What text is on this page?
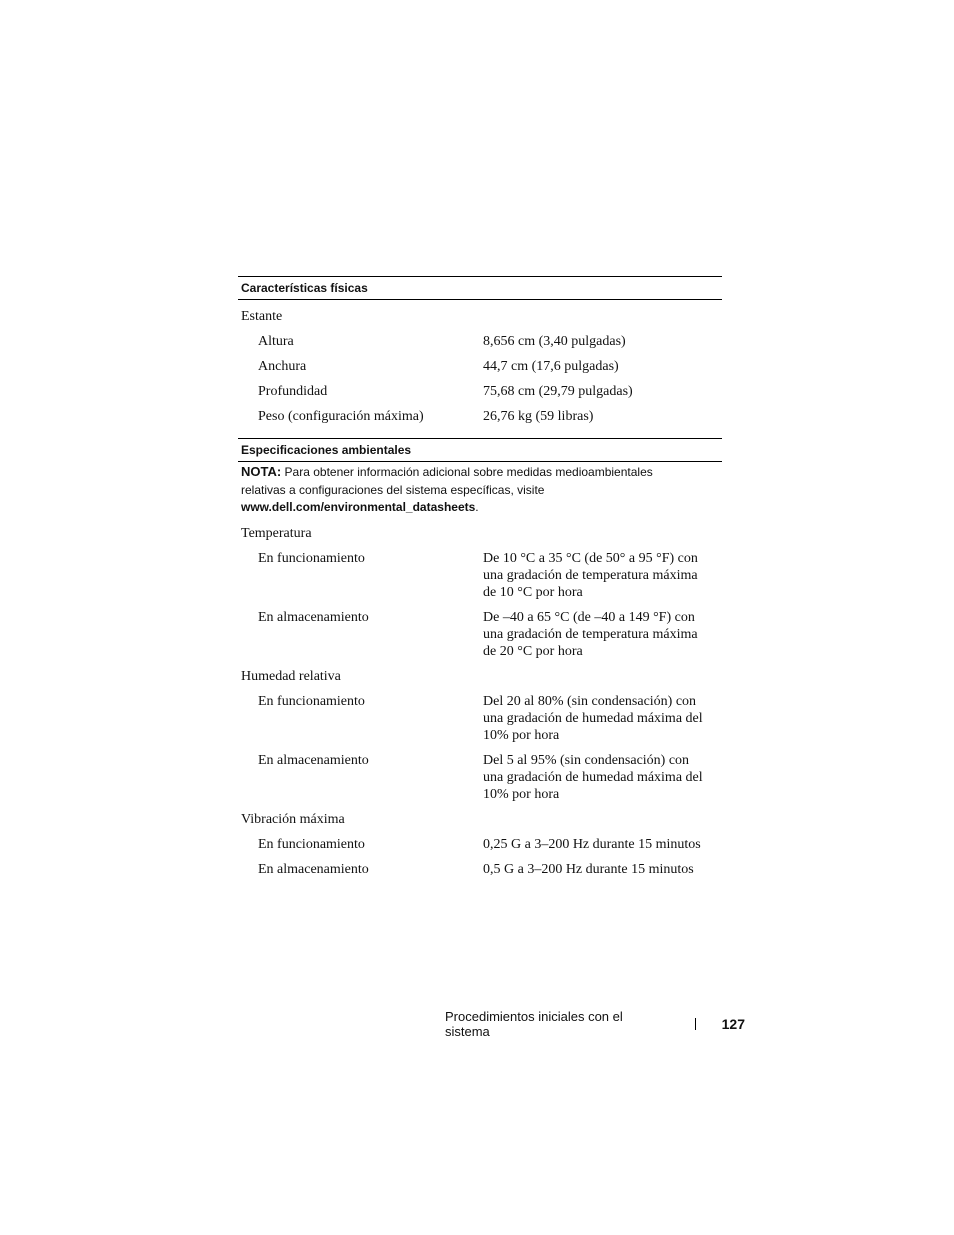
Características físicas
Estante
Altura	8,656 cm (3,40 pulgadas)
Anchura	44,7 cm (17,6 pulgadas)
Profundidad	75,68 cm (29,79 pulgadas)
Peso (configuración máxima)	26,76 kg (59 libras)
Especificaciones ambientales
NOTA: Para obtener información adicional sobre medidas medioambientales relativas a configuraciones del sistema específicas, visite www.dell.com/environmental_datasheets.
Temperatura
En funcionamiento	De 10 °C a 35 °C (de 50° a 95 °F) con una gradación de temperatura máxima de 10 °C por hora
En almacenamiento	De –40 a 65 °C (de –40 a 149 °F) con una gradación de temperatura máxima de 20 °C por hora
Humedad relativa
En funcionamiento	Del 20 al 80% (sin condensación) con una gradación de humedad máxima del 10% por hora
En almacenamiento	Del 5 al 95% (sin condensación) con una gradación de humedad máxima del 10% por hora
Vibración máxima
En funcionamiento	0,25 G a 3–200 Hz durante 15 minutos
En almacenamiento	0,5 G a 3–200 Hz durante 15 minutos
Procedimientos iniciales con el sistema	127
